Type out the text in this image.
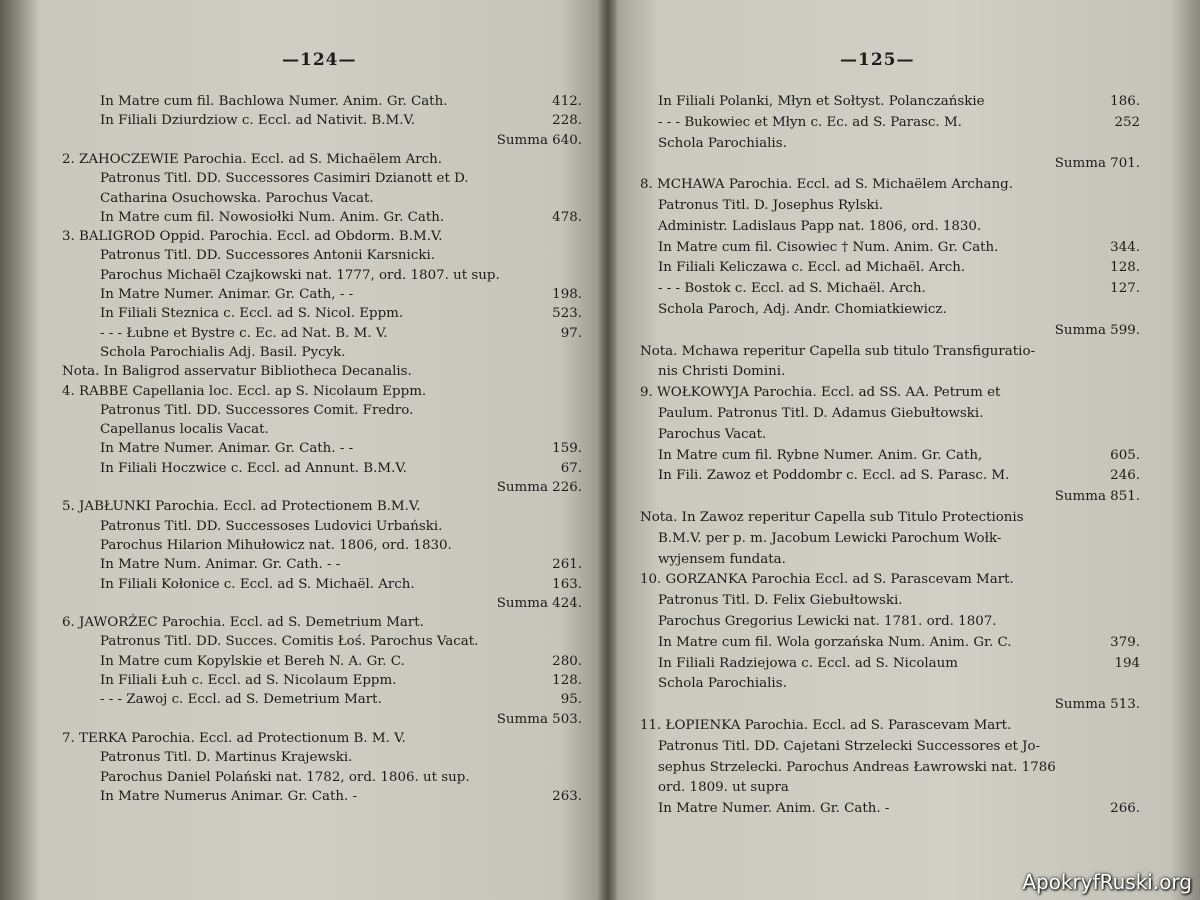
—124—
In Matre cum fil. Bachlowa Numer. Anim. Gr. Cath.	412.
In Filiali Dziurdziow c. Eccl. ad Nativit. B.M.V.	228.
Summa 640.
2. ZAHOCZEWIE Parochia. Eccl. ad S. Michaëlem Arch.
Patronus Titl. DD. Successores Casimiri Dzianott et D.
Catharina Osuchowska. Parochus Vacat.
In Matre cum fil. Nowosiołki Num. Anim. Gr. Cath.	478.
3. BALIGROD Oppid. Parochia. Eccl. ad Obdorm. B.M.V.
Patronus Titl. DD. Successores Antonii Karsnicki.
Parochus Michaël Czajkowski nat. 1777, ord. 1807. ut sup.
In Matre Numer. Animar. Gr. Cath, - -	198.
In Filiali Steznica c. Eccl. ad S. Nicol. Eppm.	523.
- - - Łubne et Bystre c. Ec. ad Nat. B. M. V.	97.
Schola Parochialis Adj. Basil. Pycyk.
Nota. In Baligrod asservatur Bibliotheca Decanalis.
4. RABBE Capellania loc. Eccl. ap S. Nicolaum Eppm.
Patronus Titl. DD. Successores Comit. Fredro.
Capellanus localis Vacat.
In Matre Numer. Animar. Gr. Cath. - -	159.
In Filiali Hoczwice c. Eccl. ad Annunt. B.M.V.	67.
Summa 226.
5. JABŁUNKI Parochia. Eccl. ad Protectionem B.M.V.
Patronus Titl. DD. Successoses Ludovici Urbański.
Parochus Hilarion Mihułowicz nat. 1806, ord. 1830.
In Matre Num. Animar. Gr. Cath. - -	261.
In Filiali Kołonice c. Eccl. ad S. Michaël. Arch.	163.
Summa 424.
6. JAWORŻEC Parochia. Eccl. ad S. Demetrium Mart.
Patronus Titl. DD. Succes. Comitis Łoś. Parochus Vacat.
In Matre cum Kopylskie et Bereh N. A. Gr. C.	280.
In Filiali Łuh c. Eccl. ad S. Nicolaum Eppm.	128.
- - - Zawoj c. Eccl. ad S. Demetrium Mart.	95.
Summa 503.
7. TERKA Parochia. Eccl. ad Protectionum B. M. V.
Patronus Titl. D. Martinus Krajewski.
Parochus Daniel Polański nat. 1782, ord. 1806. ut sup.
In Matre Numerus Animar. Gr. Cath. -	263.
—125—
In Filiali Polanki, Młyn et Sołtyst. Polanczańskie	186.
- - - Bukowiec et Młyn c. Ec. ad S. Parasc. M.	252
Schola Parochialis.
Summa 701.
8. MCHAWA Parochia. Eccl. ad S. Michaëlem Archang.
Patronus Titl. D. Josephus Rylski.
Administr. Ladislaus Papp nat. 1806, ord. 1830.
In Matre cum fil. Cisowiec † Num. Anim. Gr. Cath.	344.
In Filiali Keliczawa c. Eccl. ad Michaël. Arch.	128.
- - - Bostok c. Eccl. ad S. Michaël. Arch.	127.
Schola Paroch, Adj. Andr. Chomiatkiewicz.
Summa 599.
Nota. Mchawa reperitur Capella sub titulo Transfiguratio-
nis Christi Domini.
9. WOŁKOWYJA Parochia. Eccl. ad SS. AA. Petrum et
Paulum. Patronus Titl. D. Adamus Giebułtowski.
Parochus Vacat.
In Matre cum fil. Rybne Numer. Anim. Gr. Cath,	605.
In Fili. Zawoz et Poddombr c. Eccl. ad S. Parasc. M.	246.
Summa 851.
Nota. In Zawoz reperitur Capella sub Titulo Protectionis
B.M.V. per p. m. Jacobum Lewicki Parochum Wołk-
wyjensem fundata.
10. GORZANKA Parochia Eccl. ad S. Parascevam Mart.
Patronus Titl. D. Felix Giebułtowski.
Parochus Gregorius Lewicki nat. 1781. ord. 1807.
In Matre cum fil. Wola gorzańska Num. Anim. Gr. C.	379.
In Filiali Radziejowa c. Eccl. ad S. Nicolaum	194
Schola Parochialis.
Summa 513.
11. ŁOPIENKA Parochia. Eccl. ad S. Parascevam Mart.
Patronus Titl. DD. Cajetani Strzelecki Successores et Jo-
sephus Strzelecki. Parochus Andreas Ławrowski nat. 1786
ord. 1809. ut supra
In Matre Numer. Anim. Gr. Cath. -	266.
ApokryfRuski.org
